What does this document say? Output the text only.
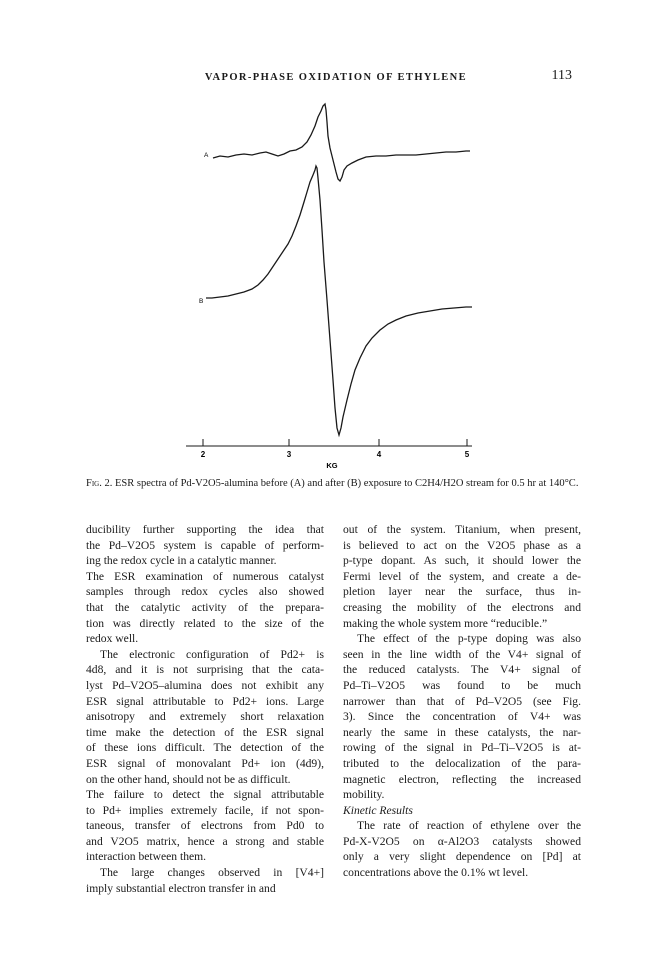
VAPOR-PHASE OXIDATION OF ETHYLENE	113
A
B
2	3	4	5
KG
Fig. 2. ESR spectra of Pd-V2O5-alumina before (A) and after (B) exposure to C2H4/H2O stream for 0.5 hr at 140°C.
ducibility further supporting the idea that
the Pd–V2O5 system is capable of perform-
ing the redox cycle in a catalytic manner.
The ESR examination of numerous catalyst
samples through redox cycles also showed
that the catalytic activity of the prepara-
tion was directly related to the size of the
redox well.
The electronic configuration of Pd2+ is
4d8, and it is not surprising that the cata-
lyst Pd–V2O5–alumina does not exhibit any
ESR signal attributable to Pd2+ ions. Large
anisotropy and extremely short relaxation
time make the detection of the ESR signal
of these ions difficult. The detection of the
ESR signal of monovalant Pd+ ion (4d9),
on the other hand, should not be as difficult.
The failure to detect the signal attributable
to Pd+ implies extremely facile, if not spon-
taneous, transfer of electrons from Pd0 to
and V2O5 matrix, hence a strong and stable
interaction between them.
The large changes observed in [V4+]
imply substantial electron transfer in and
out of the system. Titanium, when present,
is believed to act on the V2O5 phase as a
p-type dopant. As such, it should lower the
Fermi level of the system, and create a de-
pletion layer near the surface, thus in-
creasing the mobility of the electrons and
making the whole system more “reducible.”
The effect of the p-type doping was also
seen in the line width of the V4+ signal of
the reduced catalysts. The V4+ signal of
Pd–Ti–V2O5 was found to be much
narrower than that of Pd–V2O5 (see Fig.
3). Since the concentration of V4+ was
nearly the same in these catalysts, the nar-
rowing of the signal in Pd–Ti–V2O5 is at-
tributed to the delocalization of the para-
magnetic electron, reflecting the increased
mobility.
Kinetic Results
The rate of reaction of ethylene over the
Pd-X-V2O5 on α-Al2O3 catalysts showed
only a very slight dependence on [Pd] at
concentrations above the 0.1% wt level.
